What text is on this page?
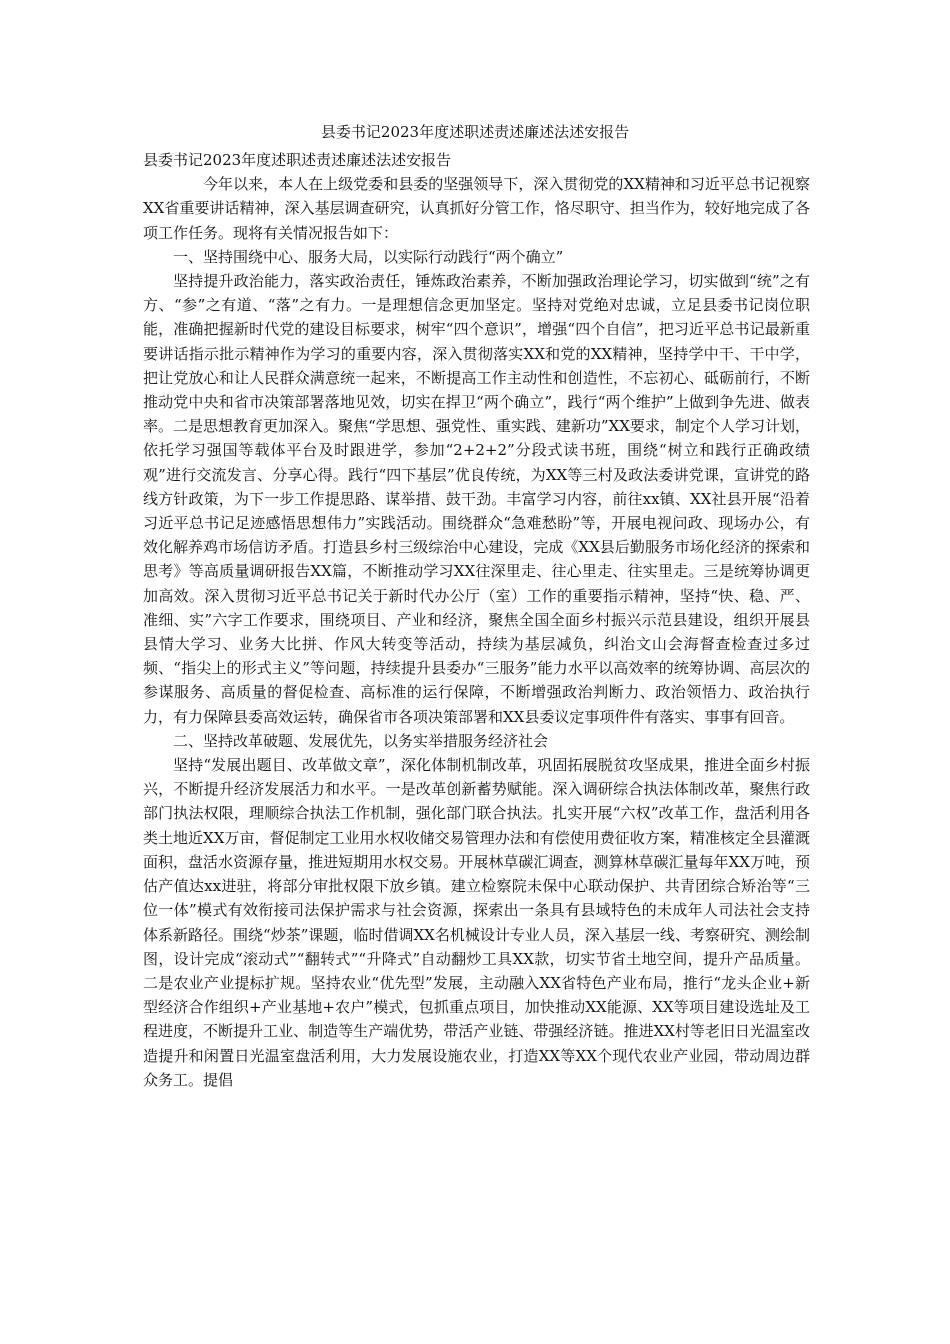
县委书记2023年度述职述责述廉述法述安报告

县委书记2023年度述职述责述廉述法述安报告

今年以来，本人在上级党委和县委的坚强领导下，深入贯彻党的XX精神和习近平总书记视察XX省重要讲话精神，深入基层调查研究，认真抓好分管工作，恪尽职守、担当作为，较好地完成了各项工作任务。现将有关情况报告如下：

一、坚持围绕中心、服务大局，以实际行动践行“两个确立”

坚持提升政治能力，落实政治责任，锤炼政治素养，不断加强政治理论学习，切实做到“统”之有方、“参”之有道、“落”之有力。一是理想信念更加坚定。坚持对党绝对忠诚，立足县委书记岗位职能，准确把握新时代党的建设目标要求，树牢“四个意识”，增强“四个自信”，把习近平总书记最新重要讲话指示批示精神作为学习的重要内容，深入贯彻落实XX和党的XX精神，坚持学中干、干中学，把让党放心和让人民群众满意统一起来，不断提高工作主动性和创造性，不忘初心、砥砺前行，不断推动党中央和省市决策部署落地见效，切实在捍卫“两个确立”，践行“两个维护”上做到争先进、做表率。二是思想教育更加深入。聚焦“学思想、强党性、重实践、建新功”XX要求，制定个人学习计划，依托学习强国等载体平台及时跟进学，参加“2+2+2”分段式读书班，围绕“树立和践行正确政绩观”进行交流发言、分享心得。践行“四下基层”优良传统，为XX等三村及政法委讲党课，宣讲党的路线方针政策，为下一步工作提思路、谋举措、鼓干劲。丰富学习内容，前往xx镇、XX社县开展“沿着习近平总书记足迹感悟思想伟力”实践活动。围绕群众“急难愁盼”等，开展电视问政、现场办公，有效化解养鸡市场信访矛盾。打造县乡村三级综治中心建设，完成《XX县后勤服务市场化经济的探索和思考》等高质量调研报告XX篇，不断推动学习XX往深里走、往心里走、往实里走。三是统筹协调更加高效。深入贯彻习近平总书记关于新时代办公厅（室）工作的重要指示精神，坚持“快、稳、严、准细、实”六字工作要求，围绕项目、产业和经济，聚焦全国全面乡村振兴示范县建设，组织开展县县情大学习、业务大比拼、作风大转变等活动，持续为基层减负，纠治文山会海督查检查过多过频、“指尖上的形式主义”等问题，持续提升县委办“三服务”能力水平以高效率的统筹协调、高层次的参谋服务、高质量的督促检查、高标准的运行保障，不断增强政治判断力、政治领悟力、政治执行力，有力保障县委高效运转，确保省市各项决策部署和XX县委议定事项件件有落实、事事有回音。

二、坚持改革破题、发展优先，以务实举措服务经济社会

坚持“发展出题目、改革做文章”，深化体制机制改革，巩固拓展脱贫攻坚成果，推进全面乡村振兴，不断提升经济发展活力和水平。一是改革创新蓄势赋能。深入调研综合执法体制改革，聚焦行政部门执法权限，理顺综合执法工作机制，强化部门联合执法。扎实开展“六权”改革工作，盘活利用各类土地近XX万亩，督促制定工业用水权收储交易管理办法和有偿使用费征收方案，精准核定全县灌溉面积，盘活水资源存量，推进短期用水权交易。开展林草碳汇调查，测算林草碳汇量每年XX万吨，预估产值达xx进驻，将部分审批权限下放乡镇。建立检察院未保中心联动保护、共青团综合矫治等“三位一体”模式有效衔接司法保护需求与社会资源，探索出一条具有县域特色的未成年人司法社会支持体系新路径。围绕“炒茶”课题，临时借调XX名机械设计专业人员，深入基层一线、考察研究、测绘制图，设计完成“滚动式”“翻转式”“升降式”自动翻炒工具XX款，切实节省土地空间，提升产品质量。二是农业产业提标扩规。坚持农业“优先型”发展，主动融入XX省特色产业布局，推行“龙头企业+新型经济合作组织+产业基地+农户”模式，包抓重点项目，加快推动XX能源、XX等项目建设选址及工程进度，不断提升工业、制造等生产端优势，带活产业链、带强经济链。推进XX村等老旧日光温室改造提升和闲置日光温室盘活利用，大力发展设施农业，打造XX等XX个现代农业产业园，带动周边群众务工。提倡
